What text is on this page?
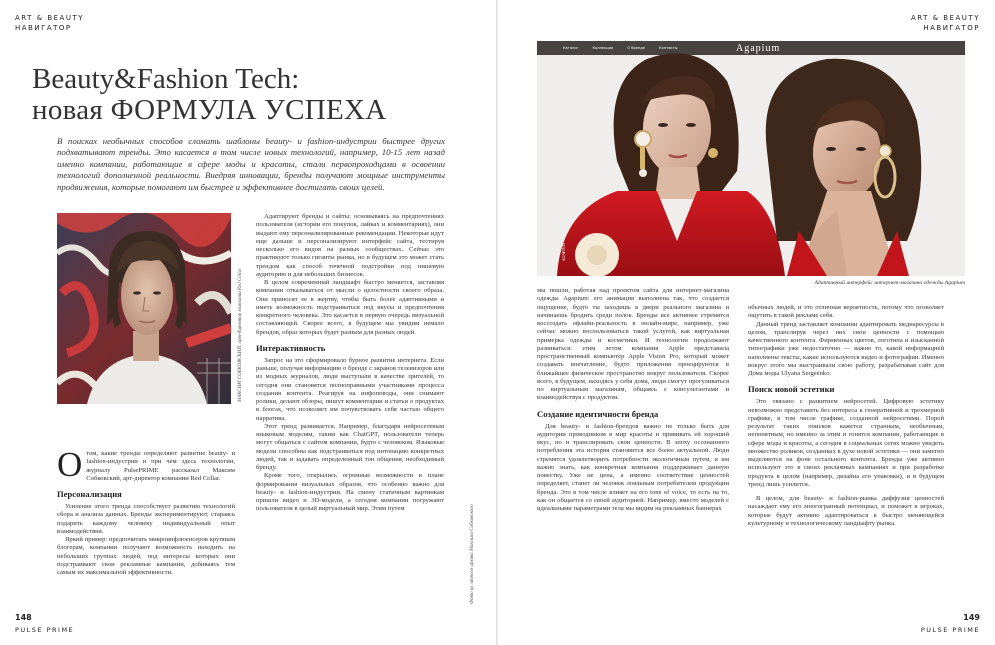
ART & BEAUTY
НАВИГАТОР
Beauty&Fashion Tech:
новая ФОРМУЛА УСПЕХА
В поисках необычных способов сломать шаблоны beauty- и fashion-индустрии быстрее других подхватывают тренды. Это касается в том числе новых технологий, например, 10-15 лет назад именно компании, работающие в сфере моды и красоты, стали первопроходцами в освоении технологий дополненной реальности. Внедряя инновации, бренды получают мощные инструменты продвижения, которые помогают им быстрее и эффективнее достигать своих целей.
МАКСИМ СОБКОВСКИЙ, арт-директор компании Red Collar
О том, какие тренды определяют развитие beauty- и fashion-индустрии и при чем здесь технологии, журналу PulsePRIME рассказал Максим Собковский, арт-директор компании Red Collar.

Персонализация

Усиление этого тренда способствует развитию технологий сбора и анализа данных. Бренды экспериментируют, стараясь подарить каждому человеку индивидуальный опыт взаимодействия.

Яркий пример: предпочитать микроинфлюенсеров крупным блогерам, компании получают возможность находить на небольших группах людей, под интересы которых они подстраивают свои рекламные кампании, добиваясь тем самым их максимальной эффективности.

Адаптируют бренды и сайты: основываясь на предпочтениях пользователя (истории его покупок, лайках и комментариях), они выдают ему персонализированные рекомендации. Некоторые идут еще дальше и персонализируют интерфейс сайта, тестируя несколько его видов на разных сообществах. Сейчас это практикуют только гиганты рынка, но в будущем это может стать трендом как способ точечной подстройки под нишевую аудиторию и для небольших бизнесов.

В целом современный ландшафт быстро меняется, заставляя компании отказываться от мысли о целостности своего образа. Они приносят ее в жертву, чтобы быть более адаптивными и иметь возможность подстраиваться под вкусы и предпочтения конкретного человека. Это касается в первую очередь визуальной составляющей. Скорее всего, в будущем мы увидим немало брендов, образ которых будет разным для разных людей.

Интерактивность

Запрос на это сформировало бурное развитие интернета. Если раньше, получая информацию о бренде с экранов телевизоров или из модных журналов, люди выступали в качестве зрителей, то сегодня они становятся полноправными участниками процесса создания контента. Реагируя на инфоповоды, они снимают ролики, делают обзоры, пишут комментарии и статьи о продуктах в блогах, что позволяет им почувствовать себя частью общего нарратива.

Этот тренд развивается. Например, благодаря нейросетевым языковым моделям, таким как ChatGPT, пользователи теперь могут общаться с сайтом компании, будто с человеком. Языковые модели способны как подстраиваться под интонацию конкретных людей, так и задавать определенный тон общения, необходимый бренду.

Кроме того, открылись огромные возможности в плане формирования визуальных образов, что особенно важно для beauty- и fashion-индустрии. На смену статичным картинкам пришли видео и 3D-модели, а сегодня компании погружают пользователя в целый виртуальный мир. Этим путем

148
PULSE PRIME
ART & BEAUTY
НАВИГАТОР
Каталог	Коллекции	О бренде	Контакты	Agapium
AGAPIUM
Адаптивный интерфейс интернет-магазина одежды Agapium
Фото из личного архива Максима Собковского

мы пошли, работая над проектом сайта для интернет-магазина одежды Agapium: его анимация выполнена так, что создается ощущение, будто ты заходишь в двери реального магазина и начинаешь бродить среди полок. Бренды все активнее стремятся воссоздать офлайн-реальность в онлайн-мире, например, уже сейчас можно воспользоваться такой услугой, как виртуальная примерка одежды и косметики. И технологии продолжают развиваться: этим летом компания Apple представила пространственный компьютер Apple Vision Pro, который может создавать впечатление, будто приложения проецируются в ближайшее физическое пространство вокруг пользователя. Скорее всего, в будущем, находясь у себя дома, люди смогут прогуливаться по виртуальным магазинам, общаясь с консультантами и взаимодействуя с продуктом.

Создание идентичности бренда

Для beauty- и fashion-брендов важно не только быть для аудитории проводником в мир красоты и прививать ей хороший вкус, но и транслировать свои ценности. В эпоху осознанного потребления эта история становится все более актуальной. Люди стремятся удовлетворить потребности экологичным путем, и им важно знать, как конкретная компания поддерживает данную повестку. Уже не цена, а именно соответствие ценностей определяет, станет ли человек лояльным потребителем продукции бренда. Это в том числе влияет на его tone of voice, то есть на то, как он общается со своей аудиторией. Например, вместо моделей с идеальными параметрами тела мы видим на рекламных баннерах

обычных людей, и это отличная вероятность, потому что позволяет ощутить в такой рекламе себя.

Данный тренд заставляет компании адаптировать медиаресурсы в целом, транслируя через них свои ценности с помощью качественного контента. Фирменных цветов, логотипа и изысканной типографики уже недостаточно — важно то, какой информацией наполнены тексты, какие используются видео и фотографии. Именно вокруг этого мы выстраивали свою работу, разрабатывая сайт для Дома моды Ulyana Sergeenko.

Поиск новой эстетики

Это связано с развитием нейросетей. Цифровую эстетику невозможно представить без интереса к генеративной и трехмерной графике, в том числе графике, созданной нейросетями. Порой результат таких поисков кажется странным, необычным, непонятным, но именно за этим и гонятся компании, работающие в сфере моды и красоты, а сегодня в социальных сетях можно увидеть множество роликов, созданных в духе новой эстетики — они заметно выделяются на фоне остального контента. Бренды уже активно используют это в своих рекламных кампаниях и при разработке продукта в целом (например, дизайна его упаковки), и в будущем тренд лишь усилится.

В целом, для beauty- и fashion-рынка диффузия ценностей насаждает ему его многогранный потенциал, и поможет в игроках, которые будут активно адаптироваться к быстро меняющейся культурному и технологическому ландшафту рынка.

149
PULSE PRIME
